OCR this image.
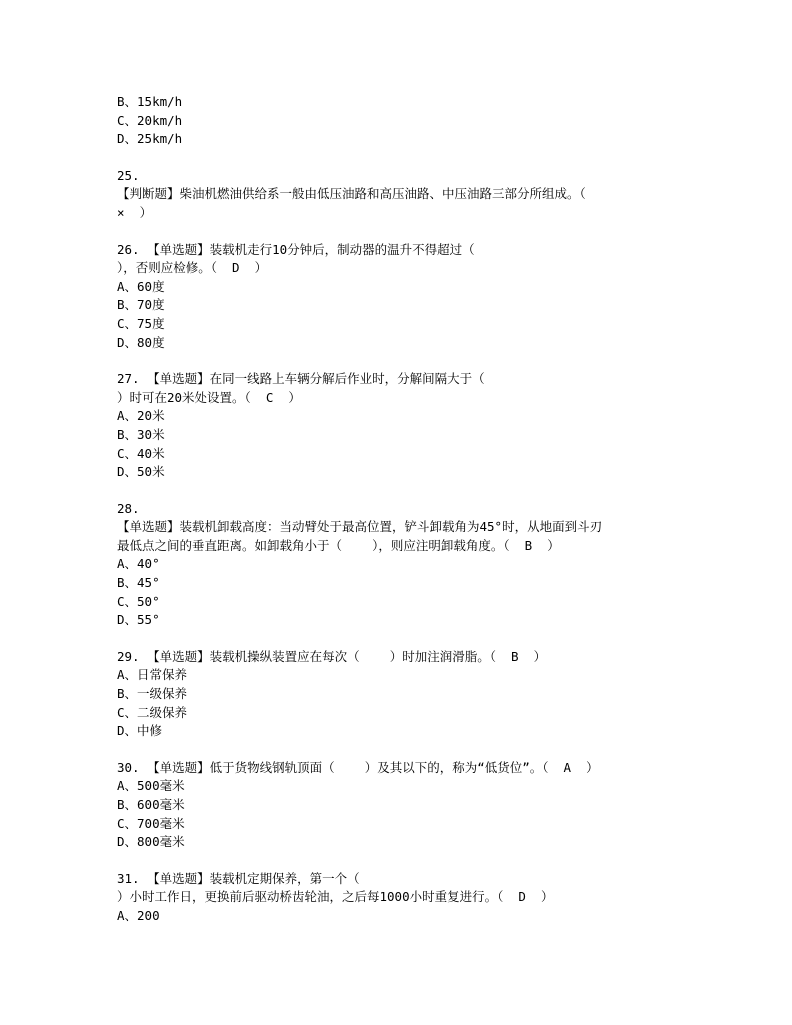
B、15km/h
C、20km/h
D、25km/h
25.
【判断题】柴油机燃油供给系一般由低压油路和高压油路、中压油路三部分所组成。（
×  ）
26. 【单选题】装载机走行10分钟后，制动器的温升不得超过（
），否则应检修。（  D  ）
A、60度
B、70度
C、75度
D、80度
27. 【单选题】在同一线路上车辆分解后作业时，分解间隔大于（
）时可在20米处设置。（  C  ）
A、20米
B、30米
C、40米
D、50米
28.
【单选题】装载机卸载高度：当动臂处于最高位置，铲斗卸载角为45°时，从地面到斗刃
最低点之间的垂直距离。如卸载角小于（    ），则应注明卸载角度。（  B  ）
A、40°
B、45°
C、50°
D、55°
29. 【单选题】装载机操纵装置应在每次（    ）时加注润滑脂。（  B  ）
A、日常保养
B、一级保养
C、二级保养
D、中修
30. 【单选题】低于货物线钢轨顶面（    ）及其以下的，称为“低货位”。（  A  ）
A、500毫米
B、600毫米
C、700毫米
D、800毫米
31. 【单选题】装载机定期保养，第一个（
）小时工作日，更换前后驱动桥齿轮油，之后每1000小时重复进行。（  D  ）
A、200
